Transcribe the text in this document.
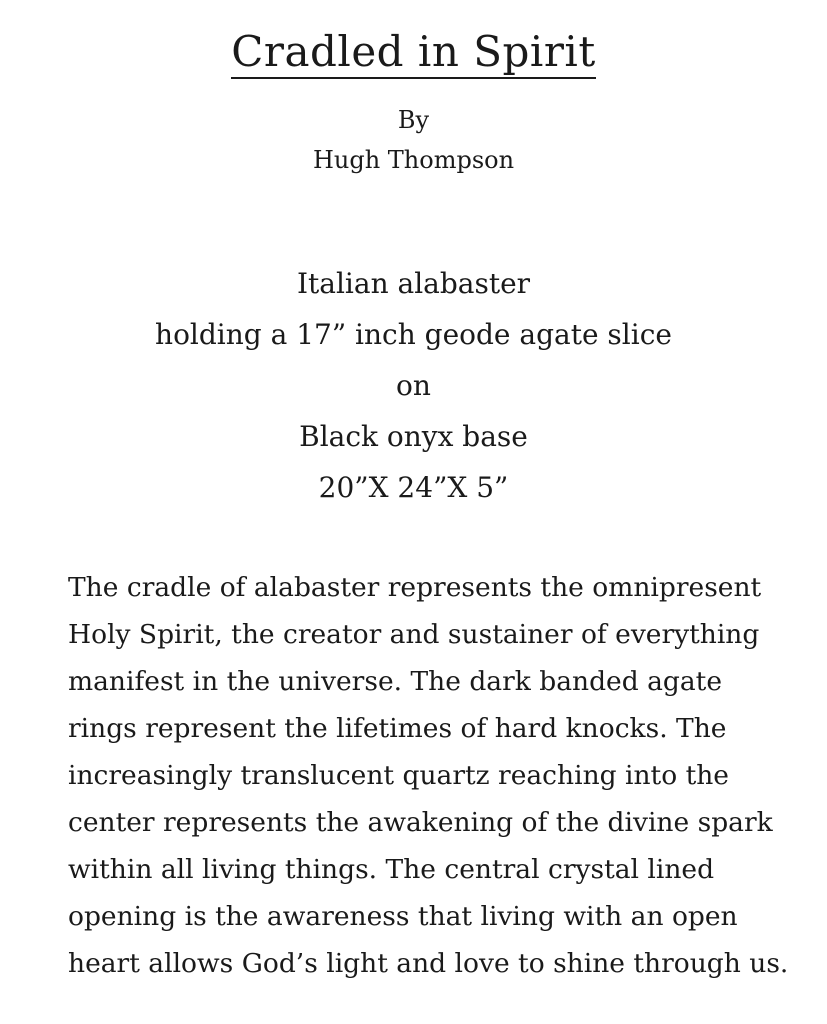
Cradled in Spirit
By
Hugh Thompson
Italian alabaster
holding a 17” inch geode agate slice
on
Black onyx base
20”X 24”X 5”
The cradle of alabaster represents the omnipresent
Holy Spirit, the creator and sustainer of everything
manifest in the universe. The dark banded agate
rings represent the lifetimes of hard knocks. The
increasingly translucent quartz reaching into the
center represents the awakening of the divine spark
within all living things. The central crystal lined
opening is the awareness that living with an open
heart allows God’s light and love to shine through us.
